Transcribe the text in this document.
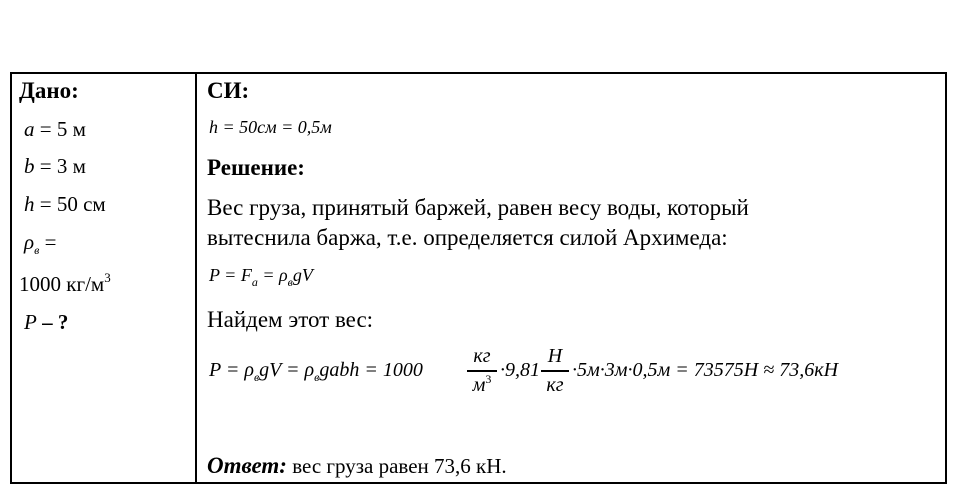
Дано:
a = 5 м
b = 3 м
h = 50 см
$\rho_в$ =
1000 $кг/м^3$
P – ?
СИ:
h = 50см = 0,5м
Решение:
Вес груза, принятый баржей, равен весу воды, который
вытеснила баржа, т.е. определяется силой Архимеда:
$P = F_а = \rho_вgV$
Найдем этот вес:
$P = \rho_вgV$ = $\rho_вgabh = 1000$
кг
$м^3 \cdot 9,81$
Н
кг
·5м·3м·0,5м = 73575Н ≈ 73,6кН
Ответ: вес груза равен 73,6 кН.
